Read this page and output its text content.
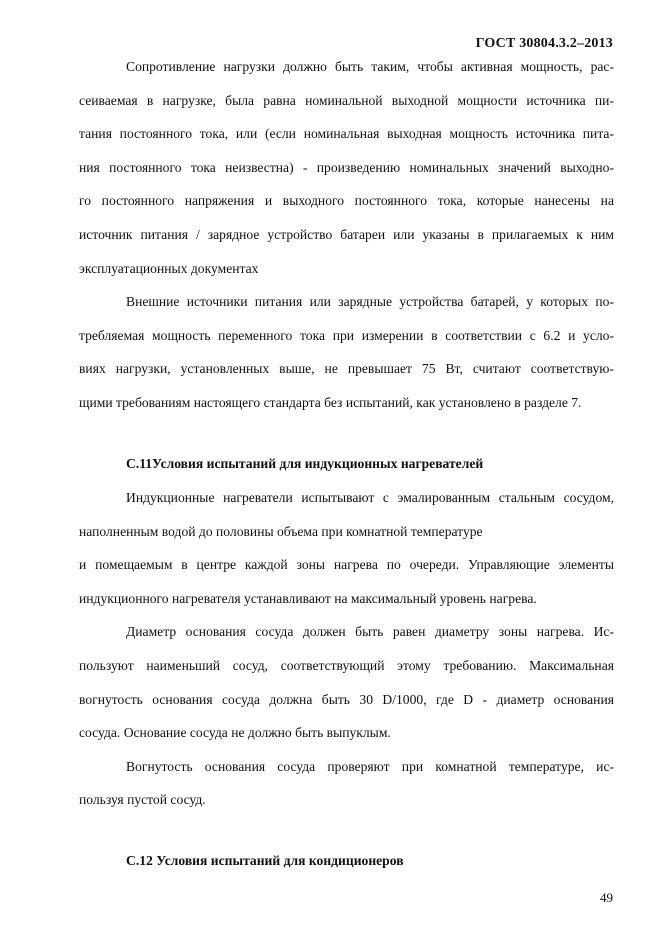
ГОСТ 30804.3.2–2013

Сопротивление нагрузки должно быть таким, чтобы активная мощность, рас-

сеиваемая в нагрузке, была равна номинальной выходной мощности источника пи-

тания постоянного тока, или (если номинальная выходная мощность источника пита-

ния постоянного тока неизвестна) - произведению номинальных значений выходно-

го постоянного напряжения и выходного постоянного тока, которые нанесены на

источник питания / зарядное устройство батареи или указаны в прилагаемых к ним

эксплуатационных документах

Внешние источники питания или зарядные устройства батарей, у которых по-

требляемая мощность переменного тока при измерении в соответствии с 6.2 и усло-

виях нагрузки, установленных выше, не превышает 75 Вт, считают соответствую-

щими требованиям настоящего стандарта без испытаний, как установлено в разделе 7.

С.11Условия испытаний для индукционных нагревателей

Индукционные нагреватели испытывают с эмалированным стальным сосудом,

наполненным водой до половины объема при комнатной температуре

и помещаемым в центре каждой зоны нагрева по очереди. Управляющие элементы

индукционного нагревателя устанавливают на максимальный уровень нагрева.

Диаметр основания сосуда должен быть равен диаметру зоны нагрева. Ис-

пользуют наименьший сосуд, соответствующий этому требованию. Максимальная

вогнутость основания сосуда должна быть 30 D/1000, где D - диаметр основания

сосуда. Основание сосуда не должно быть выпуклым.

Вогнутость основания сосуда проверяют при комнатной температуре, ис-

пользуя пустой сосуд.

С.12 Условия испытаний для кондиционеров
49
